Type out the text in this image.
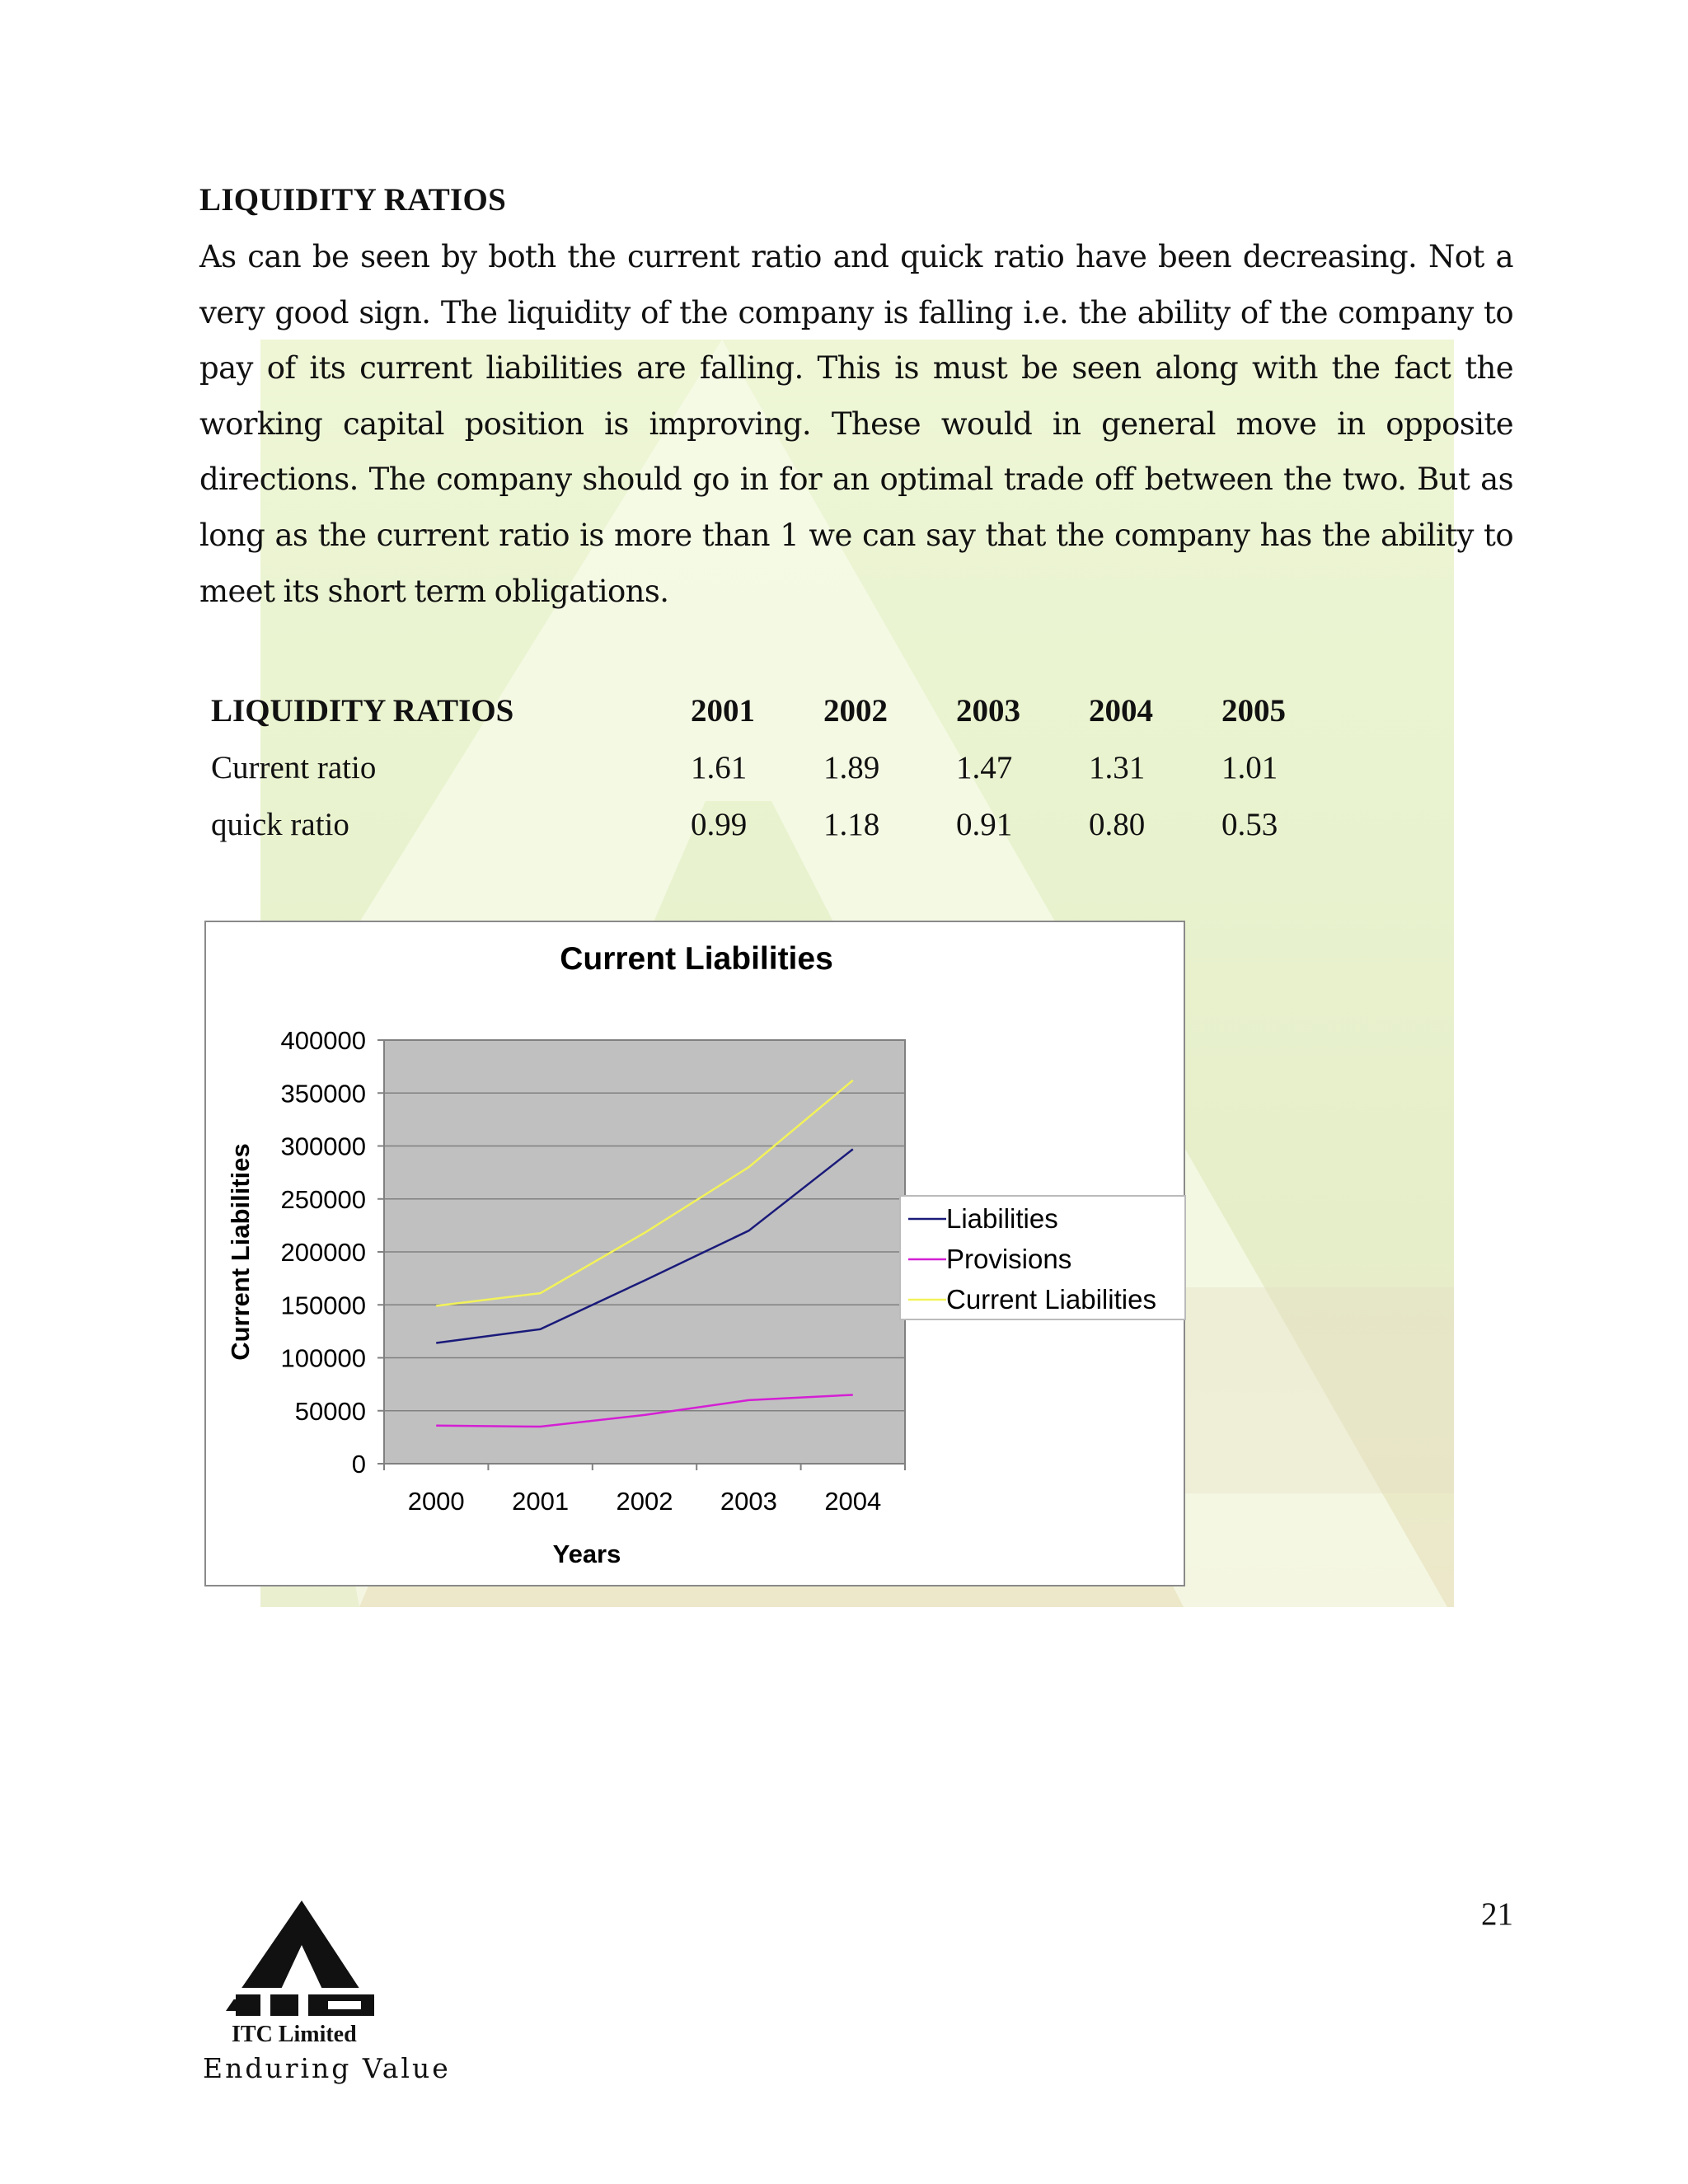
LIQUIDITY RATIOS
As can be seen by both the current ratio and quick ratio have been decreasing. Not a very good sign. The liquidity of the company is falling i.e. the ability of the company to pay of its current liabilities are falling. This is must be seen along with the fact the working capital position is improving. These would in general move in opposite directions. The company should go in for an optimal trade off between the two. But as long as the current ratio is more than 1 we can say that the company has the ability to meet its short term obligations.
LIQUIDITY RATIOS	2001	2002	2003	2004	2005
Current ratio	1.61	1.89	1.47	1.31	1.01
quick ratio	0.99	1.18	0.91	0.80	0.53
Current Liabilities
400000
350000
300000
250000
200000
150000
100000
50000
0
2000 2001 2002 2003 2004
Years
Current Liabilities	Liabilities
Provisions
Current Liabilities
21
ITC Limited
Enduring Value
